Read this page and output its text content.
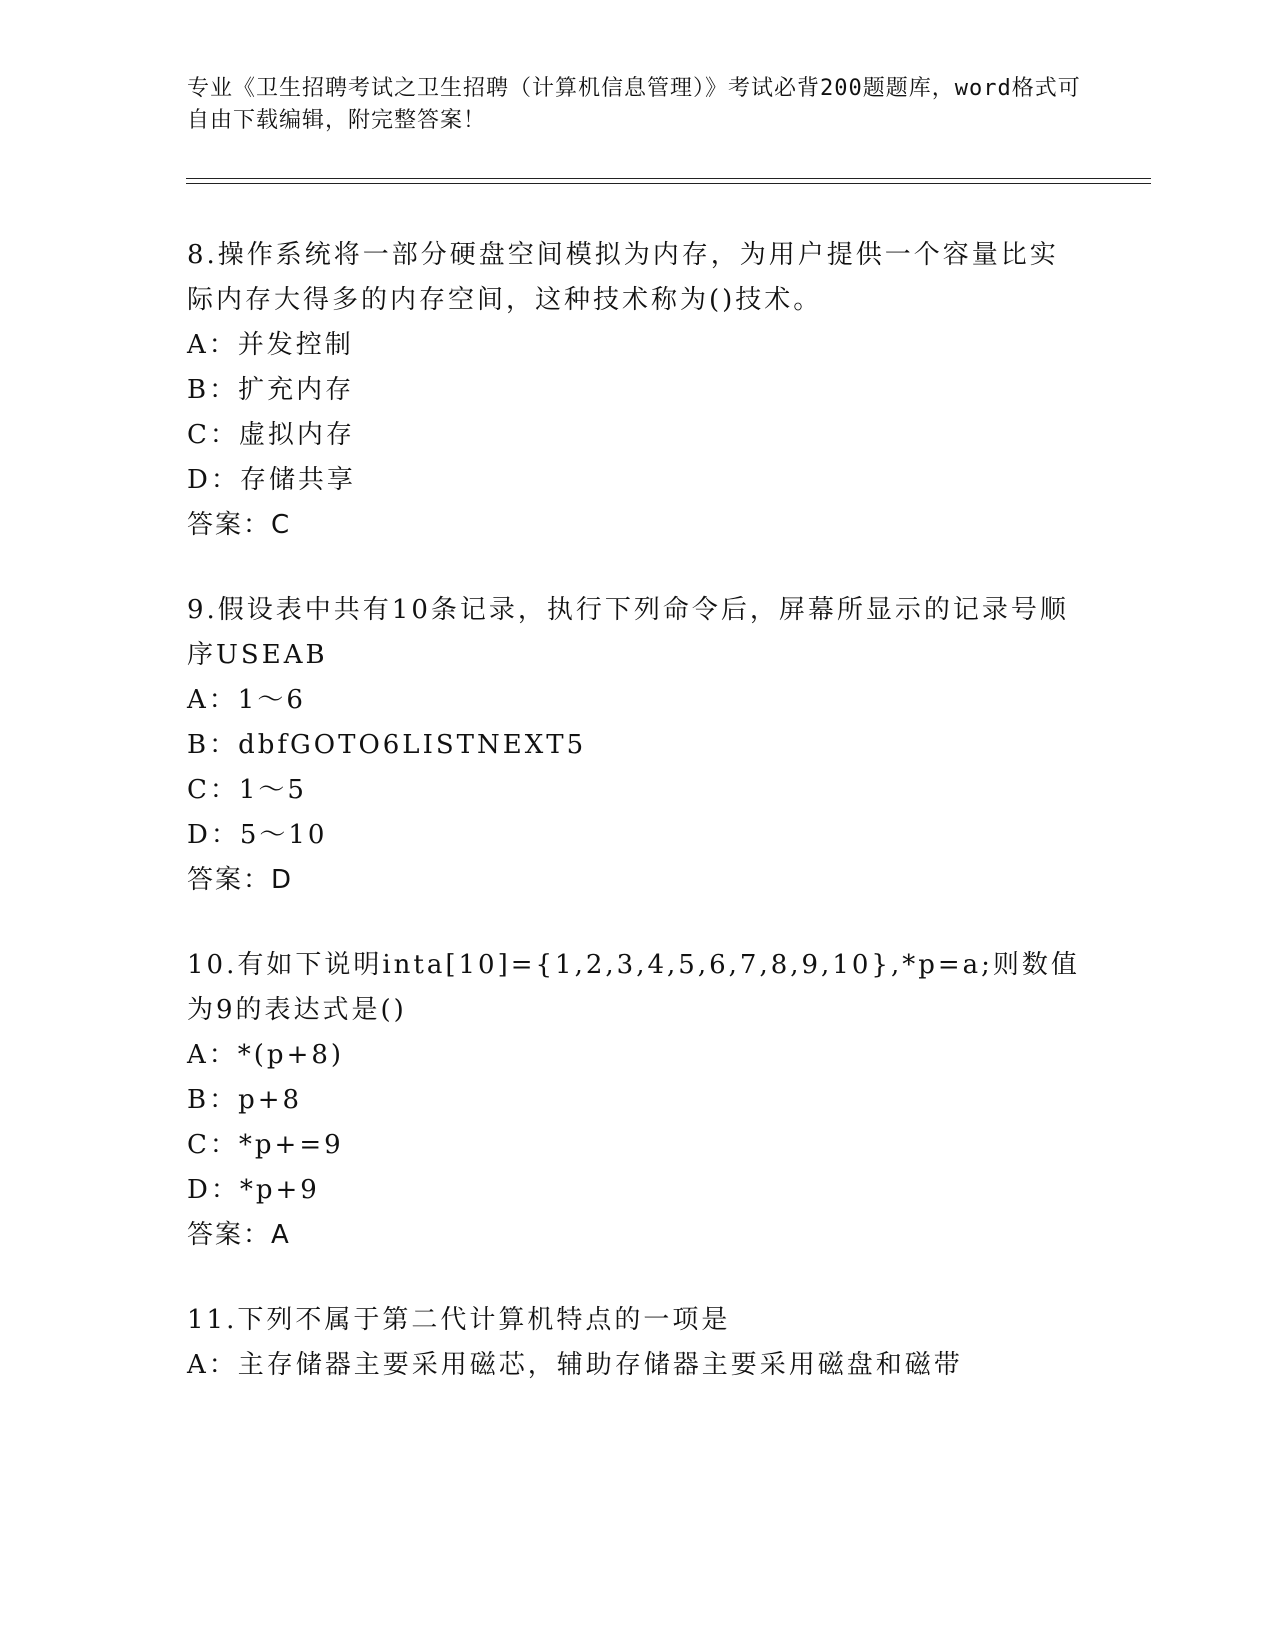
专业《卫生招聘考试之卫生招聘（计算机信息管理）》考试必背200题题库，word格式可自由下载编辑，附完整答案！
8.操作系统将一部分硬盘空间模拟为内存，为用户提供一个容量比实际内存大得多的内存空间，这种技术称为()技术。
A：并发控制
B：扩充内存
C：虚拟内存
D：存储共享
答案：C
9.假设表中共有10条记录，执行下列命令后，屏幕所显示的记录号顺序USEAB
A：1～6
B：dbfGOTO6LISTNEXT5
C：1～5
D：5～10
答案：D
10.有如下说明inta[10]={1,2,3,4,5,6,7,8,9,10},*p=a;则数值为9的表达式是()
A：*(p+8)
B：p+8
C：*p+=9
D：*p+9
答案：A
11.下列不属于第二代计算机特点的一项是
A：主存储器主要采用磁芯，辅助存储器主要采用磁盘和磁带
